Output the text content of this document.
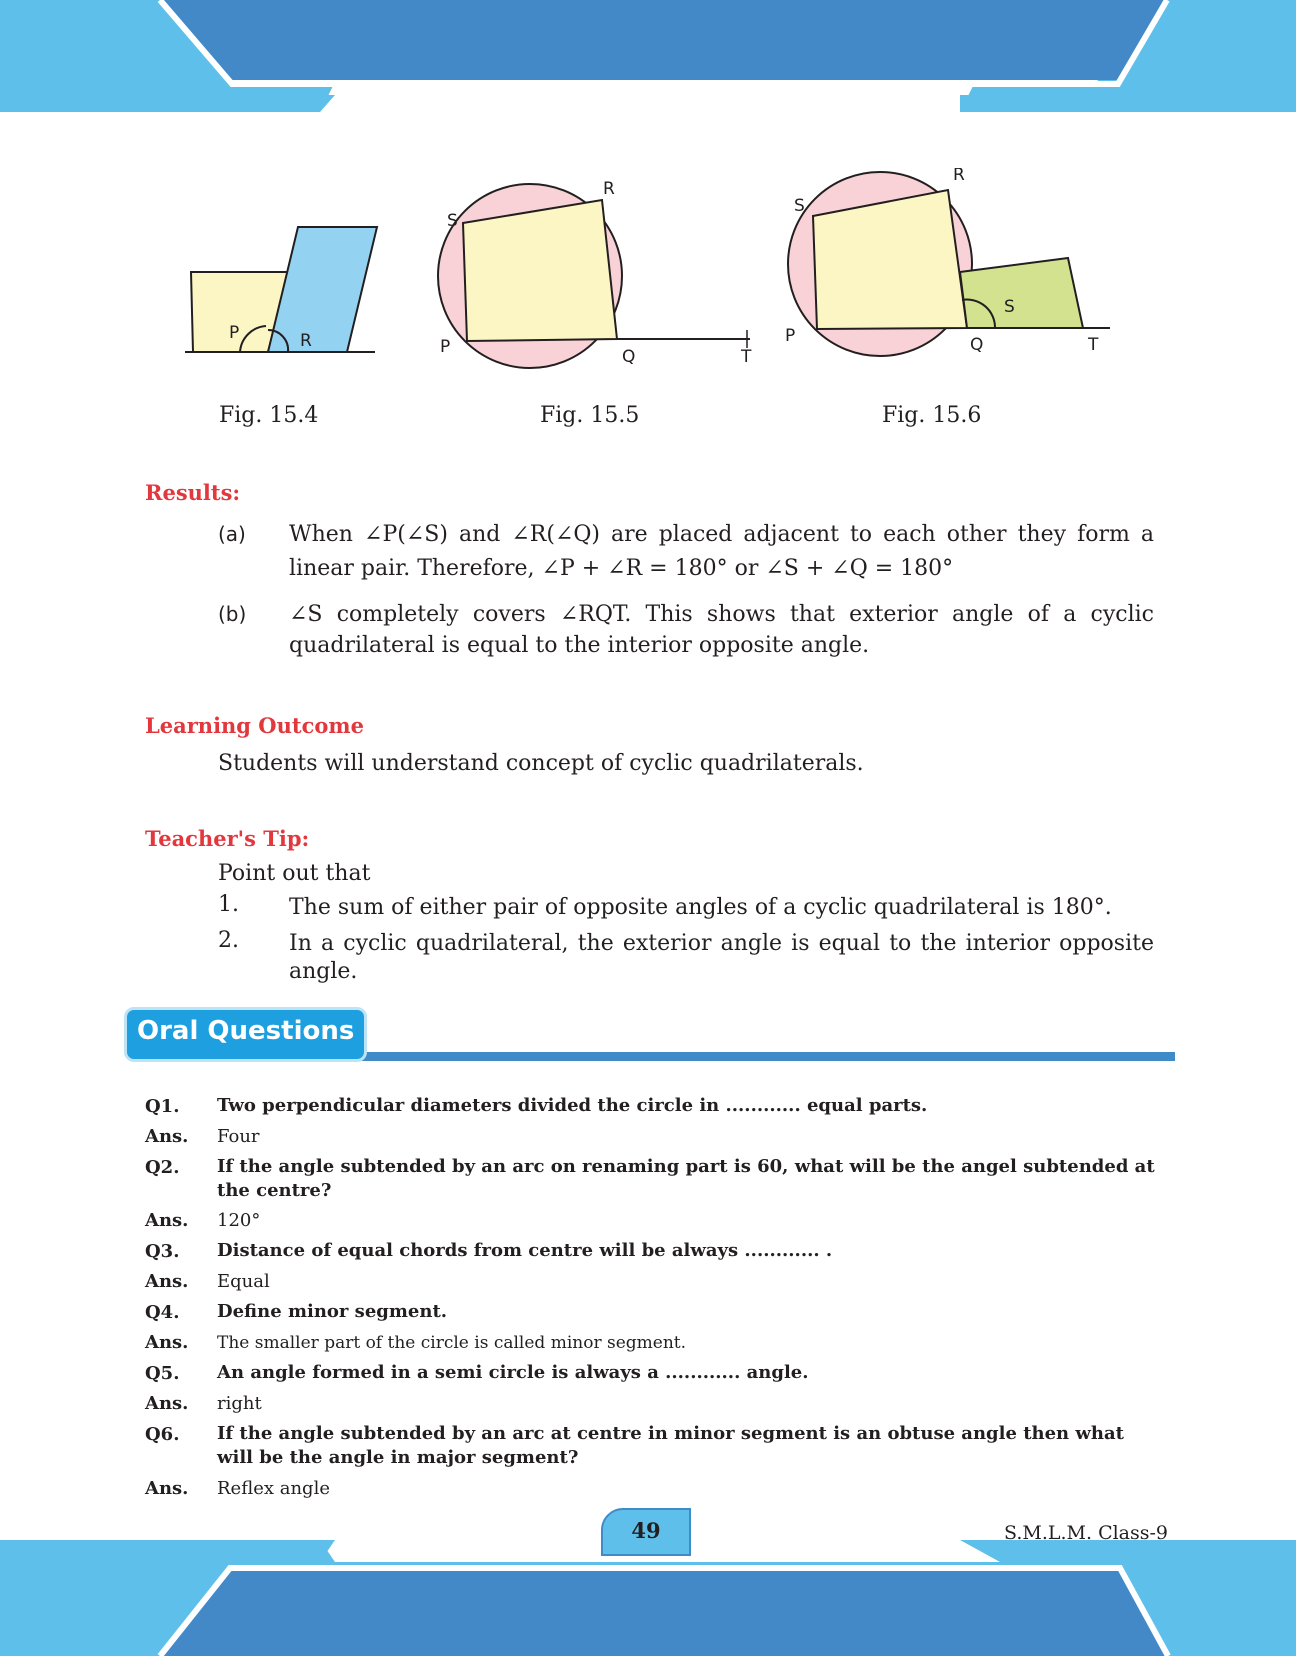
P	R
Fig. 15.4
S
R
P	Q	T
Fig. 15.5
S
R
P	Q	T
S
Fig. 15.6
Results:
(a) When ∠P(∠S) and ∠R(∠Q) are placed adjacent to each other they form a
linear pair. Therefore, ∠P + ∠R = 180° or ∠S + ∠Q = 180°
(b) ∠S completely covers ∠RQT. This shows that exterior angle of a cyclic
quadrilateral is equal to the interior opposite angle.
Learning Outcome
Students will understand concept of cyclic quadrilaterals.
Teacher's Tip:
Point out that
1. The sum of either pair of opposite angles of a cyclic quadrilateral is 180°.
2. In a cyclic quadrilateral, the exterior angle is equal to the interior opposite
angle.
Oral Questions
Q1. Two perpendicular diameters divided the circle in ............ equal parts.
Ans. Four
Q2. If the angle subtended by an arc on renaming part is 60, what will be the angel subtended at the centre?
Ans. 120°
Q3. Distance of equal chords from centre will be always ............ .
Ans. Equal
Q4. Define minor segment.
Ans. The smaller part of the circle is called minor segment.
Q5. An angle formed in a semi circle is always a ............ angle.
Ans. right
Q6. If the angle subtended by an arc at centre in minor segment is an obtuse angle then what will be the angle in major segment?
Ans. Reflex angle
49	S.M.L.M. Class-9
